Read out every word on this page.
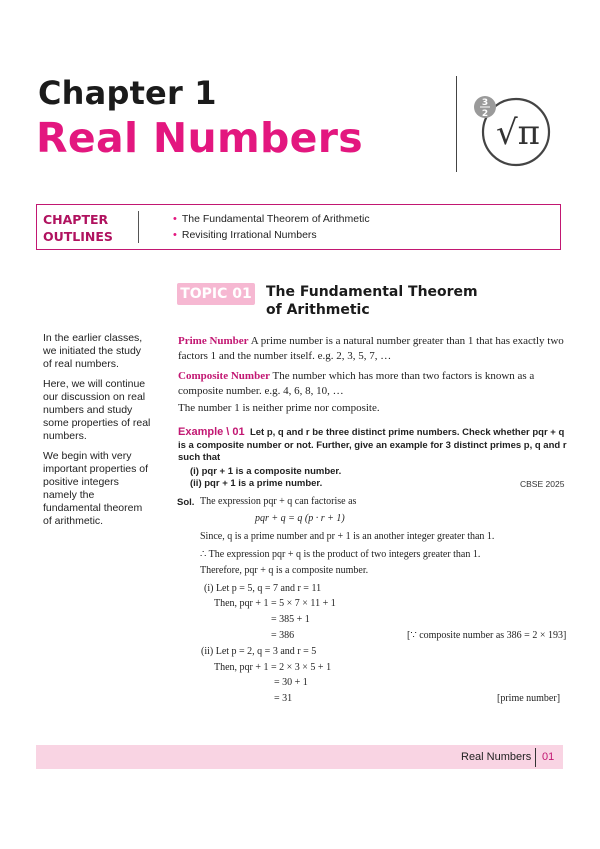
Chapter 1
Real Numbers
3
2 √π
CHAPTER
OUTLINES
• The Fundamental Theorem of Arithmetic
• Revisiting Irrational Numbers
TOPIC 01 The Fundamental Theorem
of Arithmetic

In the earlier classes, we initiated the study of real numbers.

Here, we will continue our discussion on real numbers and study some properties of real numbers.

We begin with very important properties of positive integers namely the fundamental theorem of arithmetic.

Prime Number A prime number is a natural number greater than 1 that has exactly two factors 1 and the number itself. e.g. 2, 3, 5, 7, …

Composite Number The number which has more than two factors is known as a composite number. e.g. 4, 6, 8, 10, …

The number 1 is neither prime nor composite.

Example \ 01 Let p, q and r be three distinct prime numbers. Check whether pqr + q is a composite number or not. Further, give an example for 3 distinct primes p, q and r such that
(i) pqr + 1 is a composite number.
(ii) pqr + 1 is a prime number.	CBSE 2025
Sol. The expression pqr + q can factorise as
pqr + q = q (p · r + 1)
Since, q is a prime number and pr + 1 is an another integer greater than 1.
∴ The expression pqr + q is the product of two integers greater than 1.
Therefore, pqr + q is a composite number.
(i) Let p = 5, q = 7 and r = 11
Then, pqr + 1 = 5 × 7 × 11 + 1
= 385 + 1
= 386	[∵ composite number as 386 = 2 × 193]
(ii) Let p = 2, q = 3 and r = 5
Then, pqr + 1 = 2 × 3 × 5 + 1
= 30 + 1
= 31	[prime number]
Real Numbers 01
